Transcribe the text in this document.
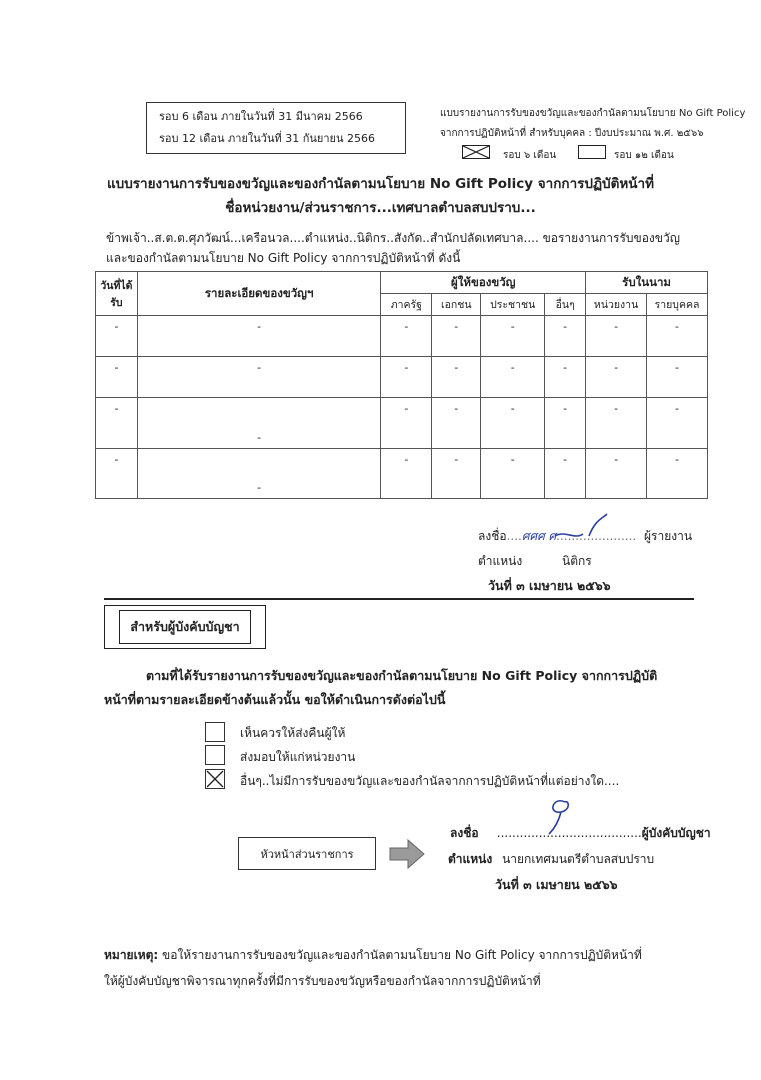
รอบ 6 เดือน ภายในวันที่ 31 มีนาคม 2566
รอบ 12 เดือน ภายในวันที่ 31 กันยายน 2566
แบบรายงานการรับของขวัญและของกำนัลตามนโยบาย No Gift Policy
จากการปฏิบัติหน้าที่ สำหรับบุคคล : ปีงบประมาณ พ.ศ. ๒๕๖๖
รอบ ๖ เดือน	รอบ ๑๒ เดือน
แบบรายงานการรับของขวัญและของกำนัลตามนโยบาย No Gift Policy จากการปฏิบัติหน้าที่
ชื่อหน่วยงาน/ส่วนราชการ...เทศบาลตำบลสบปราบ...
ข้าพเจ้า..ส.ต.ต.ศุภวัฒน์...เครือนวล....ตำแหน่ง..นิติกร..สังกัด..สำนักปลัดเทศบาล.... ขอรายงานการรับของขวัญ
และของกำนัลตามนโยบาย No Gift Policy จากการปฏิบัติหน้าที่ ดังนี้
วันที่ได้รับ	รายละเอียดของขวัญฯ	ผู้ให้ของขวัญ				รับในนาม	
		ภาครัฐ	เอกชน	ประชาชน	อื่นๆ	หน่วยงาน	รายบุคคล
-	-	-	-	-	-	-	-
-	-	-	-	-	-	-	-
-	-	-	-	-	-	-	-
-	-	-	-	-	-	-	-
ลงชื่อ....ศศศ ศ..................... ผู้รายงาน
ตำแหน่ง	นิติกร
วันที่ ๓ เมษายน ๒๕๖๖
สำหรับผู้บังคับบัญชา
ตามที่ได้รับรายงานการรับของขวัญและของกำนัลตามนโยบาย No Gift Policy จากการปฏิบัติ
หน้าที่ตามรายละเอียดข้างต้นแล้วนั้น ขอให้ดำเนินการดังต่อไปนี้
เห็นควรให้ส่งคืนผู้ให้
ส่งมอบให้แก่หน่วยงาน
อื่นๆ..ไม่มีการรับของขวัญและของกำนัลจากการปฏิบัติหน้าที่แต่อย่างใด....
หัวหน้าส่วนราชการ
ลงชื่อ ......................................ผู้บังคับบัญชา
ตำแหน่ง นายกเทศมนตรีตำบลสบปราบ
วันที่ ๓ เมษายน ๒๕๖๖
หมายเหตุ: ขอให้รายงานการรับของขวัญและของกำนัลตามนโยบาย No Gift Policy จากการปฏิบัติหน้าที่
ให้ผู้บังคับบัญชาพิจารณาทุกครั้งที่มีการรับของขวัญหรือของกำนัลจากการปฏิบัติหน้าที่
